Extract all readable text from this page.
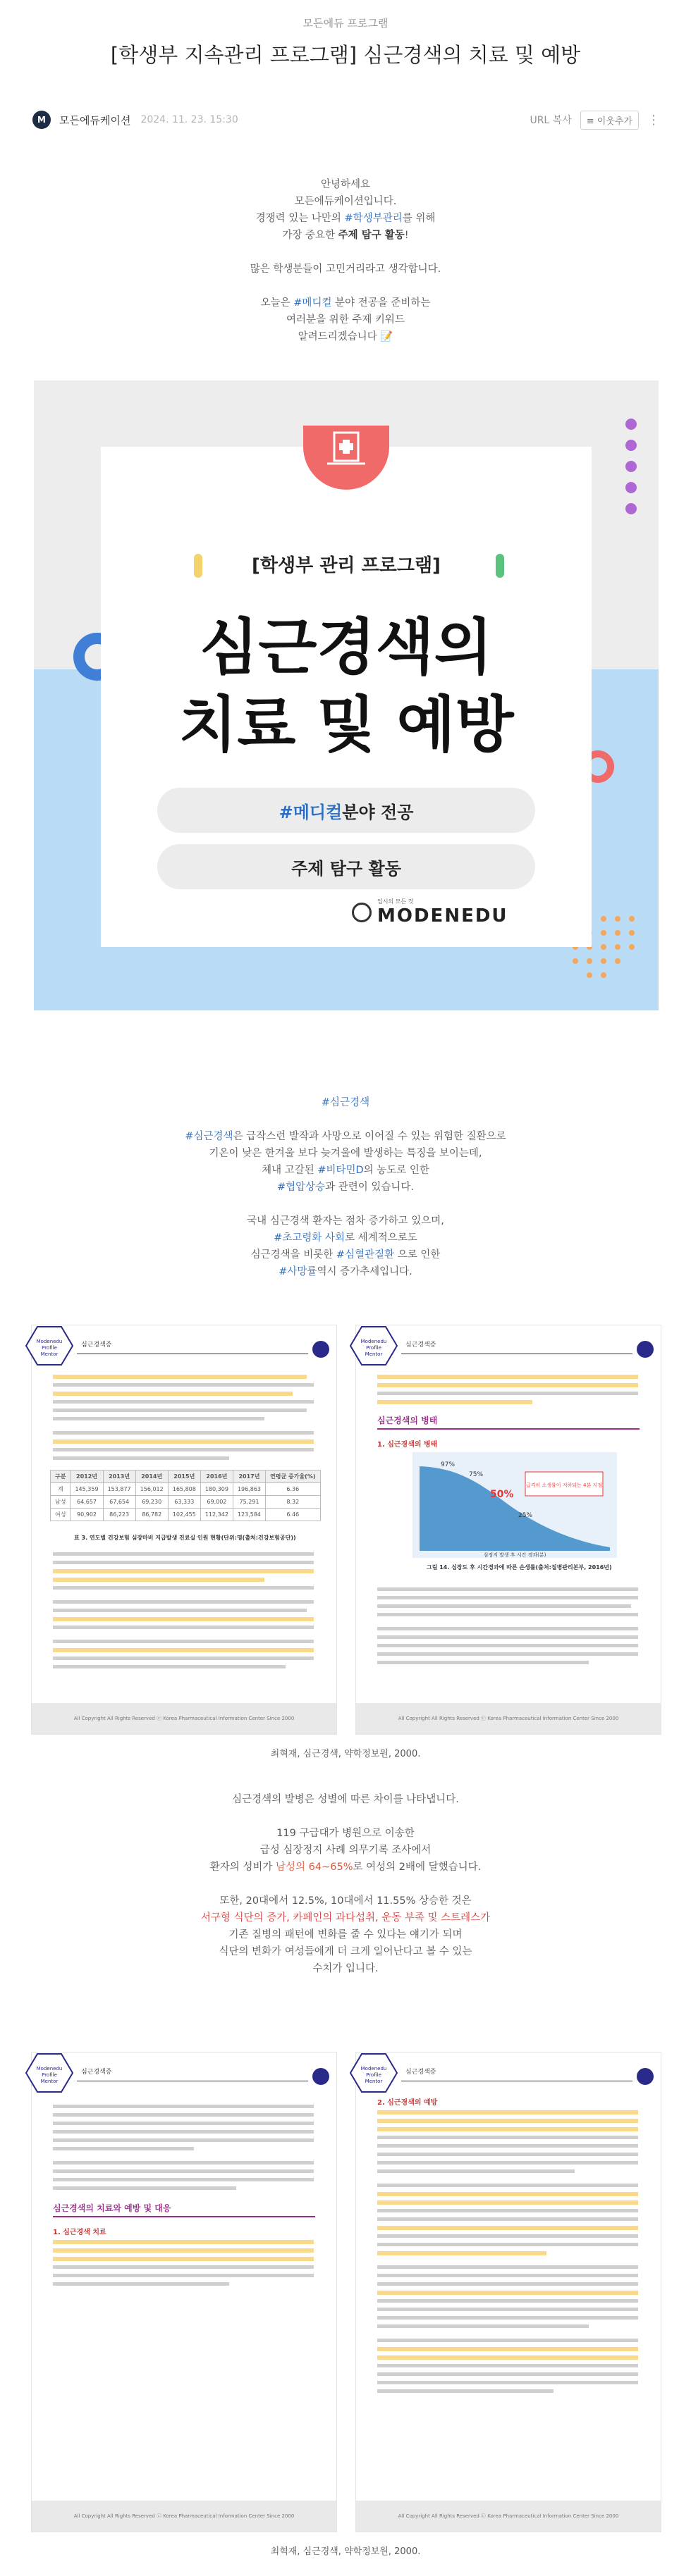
모든에듀 프로그램
[학생부 지속관리 프로그램] 심근경색의 치료 및 예방
M	모든에듀케이션 2024. 11. 23. 15:30	URL 복사	≡ 이웃추가	⋮

안녕하세요

모든에듀케이션입니다.

경쟁력 있는 나만의 #학생부관리를 위해

가장 중요한 주제 탐구 활동!

많은 학생분들이 고민거리라고 생각합니다.

오늘은 #메디컬 분야 전공을 준비하는

여러분을 위한 주제 키워드

알려드리겠습니다 📝

[학생부 관리 프로그램]
심근경색의
치료 및 예방
#메디컬 분야 전공
주제 탐구 활동
입시의 모든 것
MODENEDU

#심근경색

#심근경색은 급작스런 발작과 사망으로 이어질 수 있는 위험한 질환으로

기온이 낮은 한겨울 보다 늦겨울에 발생하는 특징을 보이는데,

체내 고갈된 #비타민D의 농도로 인한

#협압상승과 관련이 있습니다.

국내 심근경색 환자는 점차 증가하고 있으며,

#초고령화 사회로 세계적으로도

심근경색을 비롯한 #심혈관질환 으로 인한

#사망률역시 증가추세입니다.

Modenedu
Profile
Mentor
심근경색증
구분	2012년	2013년	2014년	2015년	2016년	2017년	연평균 증가율(%)
계	145,359	153,877	156,012	165,808	180,309	196,863	6.36
남성	64,657	67,654	69,230	63,333	69,002	75,291	8.32
여성	90,902	86,223	86,782	102,455	112,342	123,584	6.46
표 3. 연도별 건강보험 심장마비 지급발생 진료실 인원 현황(단위:명(출처:건강보험공단))
All Copyright All Rights Reserved ⓒ Korea Pharmaceutical Information Center Since 2000
Modenedu
Profile
Mentor
심근경색증
심근경색의 병태
1. 심근경색의 병태
97%
75%
50%
25%
급격히 소생률이 저하되는 4분 지점
심정지 발생 후 시간 경과(분)
그림 14. 심장도 후 시간경과에 따른 손생률(출처:질병관리본부, 2016년)
All Copyright All Rights Reserved ⓒ Korea Pharmaceutical Information Center Since 2000
최혁재, 심근경색, 약학정보원, 2000.

심근경색의 발병은 성별에 따른 차이를 나타냅니다.

119 구급대가 병원으로 이송한

급성 심장정지 사례 의무기록 조사에서

환자의 성비가 남성의 64~65%로 여성의 2배에 달했습니다.

또한, 20대에서 12.5%, 10대에서 11.55% 상승한 것은

서구형 식단의 증가, 카페인의 과다섭취, 운동 부족 및 스트레스가

기존 질병의 패턴에 변화를 줄 수 있다는 얘기가 되며

식단의 변화가 여성들에게 더 크게 일어난다고 볼 수 있는

수치가 입니다.

Modenedu
Profile
Mentor
심근경색증
심근경색의 치료와 예방 및 대응
1. 심근경색 치료
All Copyright All Rights Reserved ⓒ Korea Pharmaceutical Information Center Since 2000
Modenedu
Profile
Mentor
심근경색증
2. 심근경색의 예방
All Copyright All Rights Reserved ⓒ Korea Pharmaceutical Information Center Since 2000
최혁재, 심근경색, 약학정보원, 2000.
